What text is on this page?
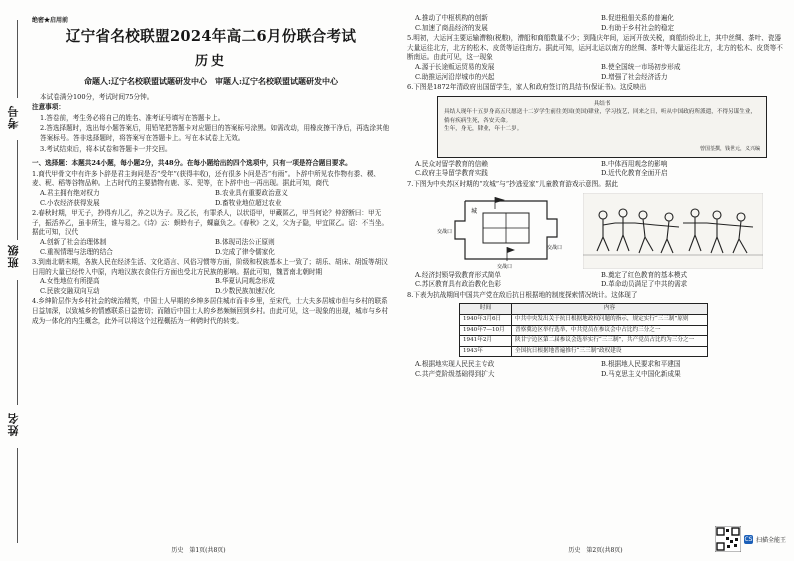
考号
班级
姓名
绝密★启用前
辽宁省名校联盟2024年高二6月份联合考试
历史
命题人:辽宁名校联盟试题研发中心　审题人:辽宁名校联盟试题研发中心
本试卷满分100分，考试时间75分钟。
注意事项：
1.答卷前，考生务必将自己的姓名、准考证号填写在答题卡上。
2.答选择题时，选出每小题答案后，用铅笔把答题卡对应题目的答案标号涂黑。如需改动，用橡皮擦干净后，再选涂其他答案标号。答非选择题时，将答案写在答题卡上。写在本试卷上无效。
3.考试结束后，将本试卷和答题卡一并交回。
一、选择题：本题共24小题，每小题2分，共48分。在每小题给出的四个选项中，只有一项是符合题目要求。
1.商代甲骨文中有许多卜辞是君主询问是否“受年”(获得丰收)，还有很多卜问是否“有雨”。卜辞中所见农作物有黍、稷、麦、秜、稻等谷物品种。上古时代的主要猎物有鹿、豕、兕等，在卜辞中也一再出现。据此可知，商代
A.君主拥有绝对权力	B.农业具有重要政治意义
C.小农经济获得发展	D.畜牧业地位超过农业
2.春秋时期，甲无子，抄得弃儿乙，养之以为子。及乙长，有罪杀人，以状语甲，甲藏匿乙，甲当何论？仲舒断曰：甲无子，振活养乙，虽非所生，谁与易之。《诗》云：螟蛉有子，蜾蠃负之。《春秋》之义，父为子隐，甲宜匿乙。诏：不当坐。据此可知，汉代
A.创新了社会治理体制	B.体现司法公正原则
C.重视情理与法理的结合	D.完成了律令儒家化
3.到南北朝末期，各族人民在经济生活、文化语言、风俗习惯等方面，阶级和权族基本上一致了；胡乐、胡床、胡饭等胡汉日用的大量已经传入中原，内地汉族衣食住行方面也受北方民族的影响。据此可知，魏晋南北朝时期
A.女性地位有所提高	B.华夏认同观念形成
C.民族交融双向互动	D.少数民族加速汉化
4.乡绅阶层作为乡村社会的统治精英，中国士人早期的乡绅多居住城市而非乡里，至宋代，士大夫多居城市但与乡村的联系日益加深，以致城乡的情感联系日益密切；而随后中国士人的乡愁频频回到乡村。由此可见，这一现象的出现，城市与乡村成为一体化的内生概念，此外可以将这个过程概括为一种跨时代的转变。
历史　第1页(共8页)
A.推动了中枢机构的创新	B.促进租佃关系的普遍化
C.加速了商品经济的发展	D.有助于乡村社会的稳定
5.明初，大运河主要运输漕粮(税粮)，漕船和商船数量不少；到隆庆年间，运河开放关税，商船纷纷北上，其中丝绸、茶叶、瓷器大量运往北方，北方的松木、皮货等运往南方。据此可知，运河北运以南方的丝绸、茶叶等大量运往北方，北方的松木、皮货等不断南运。由此可见，这一现象
A.源于长途贩运贸易的发展	B.使全国统一市场初步形成
C.助推运河沿岸城市的兴起	D.增强了社会经济活力
6.下图是1872年清政府出国留学生，家人和政府签订的具结书(保证书)。这反映出
具结书
具结人现年十五岁身高五尺愿送十二岁学生前往美国(美国)肄业，学习技艺，回来之日，听从中国政府所派遣，不得另谋生业，倘有疾病生死，各安天命。
生年，身无，肄业，年十二岁。
曾国荃撰，钱世元，义兴编
A.民众对留学教育的信赖	B.中体西用观念的影响
C.政府主导留学教育实践	D.近代化教育全面开启
7.下图为中央苏区时期的“攻城”与“抄逃爱家”儿童教育游戏示意图。据此
城
交战口
交战口
交战口
A.经济封锁导致教育形式简单	B.奠定了红色教育的基本模式
C.苏区教育具有政治教化色彩	D.革命动员满足了中共的需求
8.下表为抗战期间中国共产党在敌后抗日根据地的制度探索情况统计。这体现了
时间	内容
1940年3月6日	中共中央发出关于抗日根据地政权问题的指示，规定实行“三三制”原则
1940年7—10月	晋察冀边区举行选举，中共党员在参议会中占比约三分之一
1941年2月	陕甘宁边区第二届参议会选举实行“三三制”，共产党员占比约为三分之一
1943年	全国抗日根据地普遍推行“三三制”政权建设
A.根据地实现人民民主专政	B.根据地人民要求和平建国
C.共产党阶级基础得到扩大	D.马克思主义中国化新成果
CS 扫描全能王
历史　第2页(共8页)
